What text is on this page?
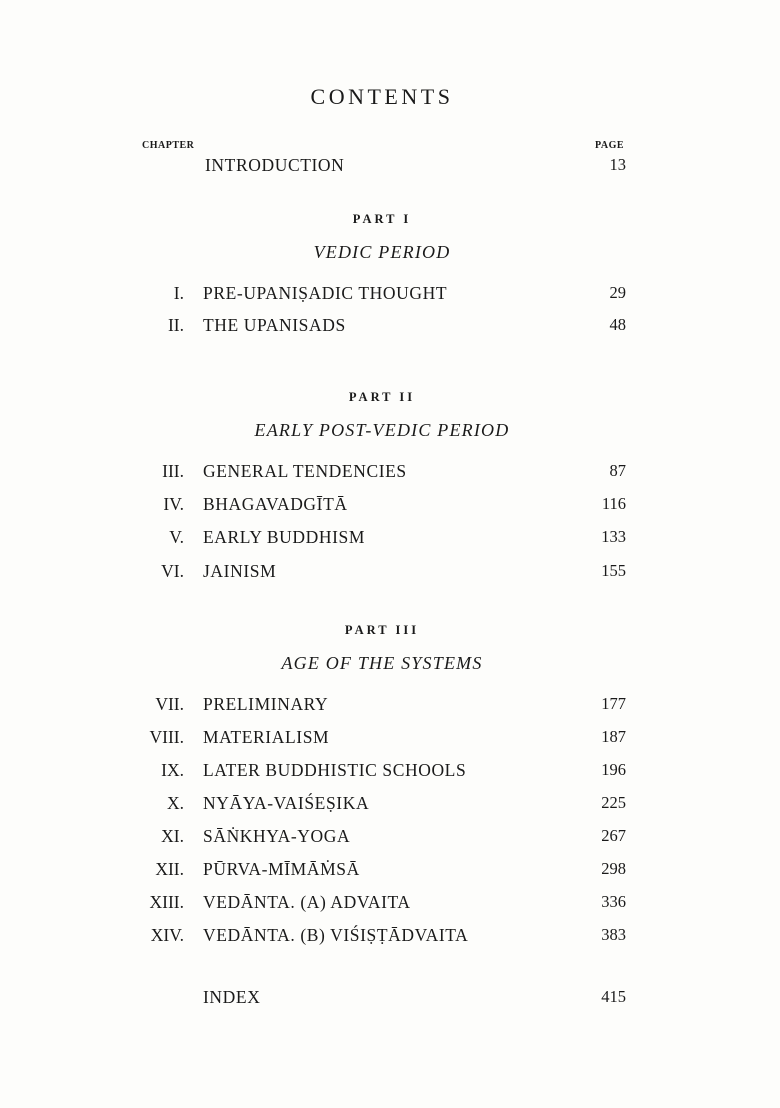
CONTENTS
CHAPTER	PAGE
INTRODUCTION	13
PART I
VEDIC PERIOD
I. PRE-UPANIṢADIC THOUGHT	29
II. THE UPANISADS	48
PART II
EARLY POST-VEDIC PERIOD
III. GENERAL TENDENCIES	87
IV. BHAGAVADGĪTĀ	116
V. EARLY BUDDHISM	133
VI. JAINISM	155
PART III
AGE OF THE SYSTEMS
VII. PRELIMINARY	177
VIII. MATERIALISM	187
IX. LATER BUDDHISTIC SCHOOLS	196
X. NYĀYA-VAIŚEṢIKA	225
XI. SĀṄKHYA-YOGA	267
XII. PŪRVA-MĪMĀṀSĀ	298
XIII. VEDĀNTA. (A) ADVAITA	336
XIV. VEDĀNTA. (B) VIŚIṢṬĀDVAITA	383
INDEX	415
